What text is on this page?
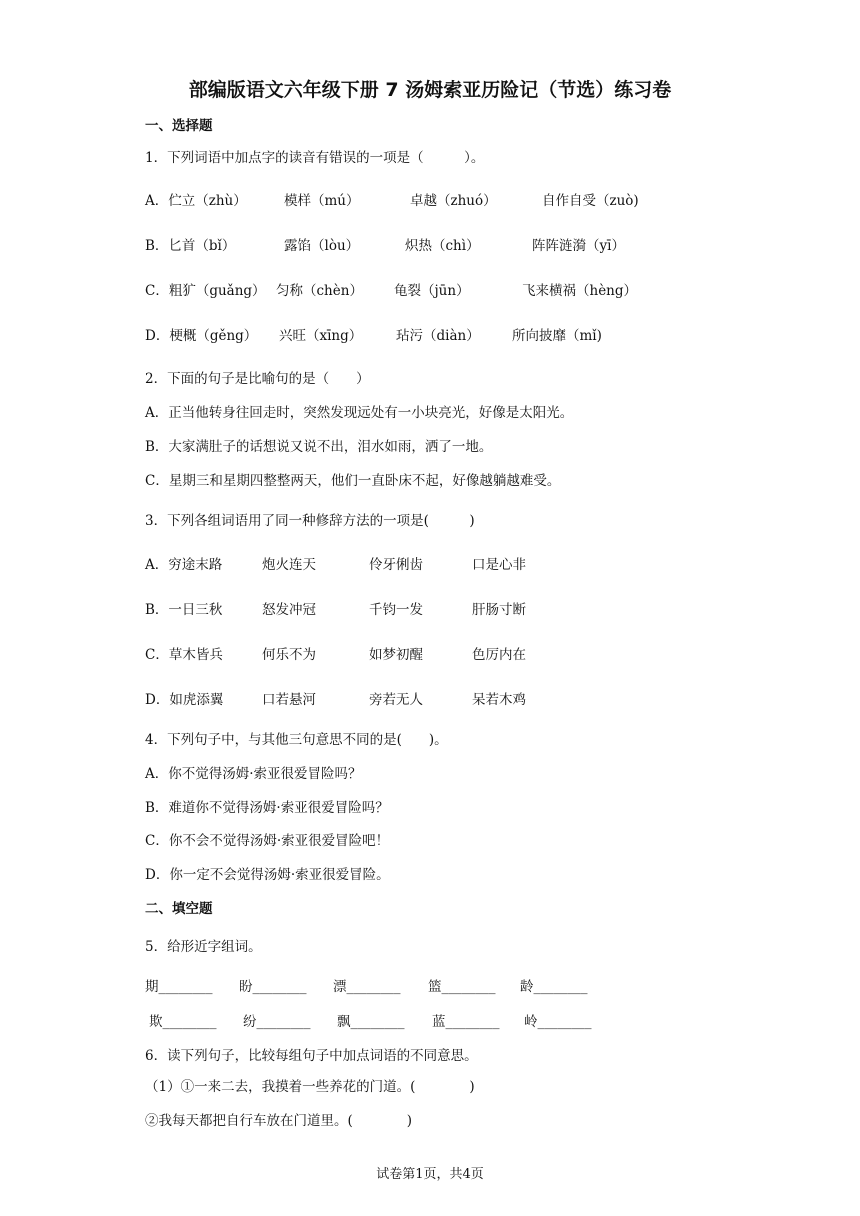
部编版语文六年级下册 7 汤姆索亚历险记（节选）练习卷
一、选择题
1．下列词语中加点字的读音有错误的一项是（　　　）。
A．伫立（zhù）	模样（mú）	卓越（zhuó）	自作自受（zuò)
B．匕首（bǐ）	露馅（lòu）	炽热（chì）	阵阵涟漪（yī）
C．粗犷（guǎng） 匀称（chèn） 龟裂（jūn）	飞来横祸（hèng）
D．梗概（gěng） 兴旺（xīng） 玷污（diàn） 所向披靡（mǐ)
2．下面的句子是比喻句的是（　　）
A．正当他转身往回走时，突然发现远处有一小块亮光，好像是太阳光。
B．大家满肚子的话想说又说不出，泪水如雨，洒了一地。
C．星期三和星期四整整两天，他们一直卧床不起，好像越躺越难受。
3．下列各组词语用了同一种修辞方法的一项是(　　　)
A．穷途末路	炮火连天	伶牙俐齿	口是心非
B．一日三秋	怒发冲冠	千钧一发	肝肠寸断
C．草木皆兵	何乐不为	如梦初醒	色厉内在
D．如虎添翼	口若悬河	旁若无人	呆若木鸡
4．下列句子中，与其他三句意思不同的是(　　)。
A．你不觉得汤姆·索亚很爱冒险吗？
B．难道你不觉得汤姆·索亚很爱冒险吗？
C．你不会不觉得汤姆·索亚很爱冒险吧！
D．你一定不会觉得汤姆·索亚很爱冒险。
二、填空题
5．给形近字组词。
期________ 盼________ 漂________ 篮________ 龄________
欺________ 纷________ 飘________ 蓝________ 岭________
6．读下列句子，比较每组句子中加点词语的不同意思。
（1）①一来二去，我摸着一些养花的门道。(　　　　)
②我每天都把自行车放在门道里。(　　　　)
试卷第1页，共4页
